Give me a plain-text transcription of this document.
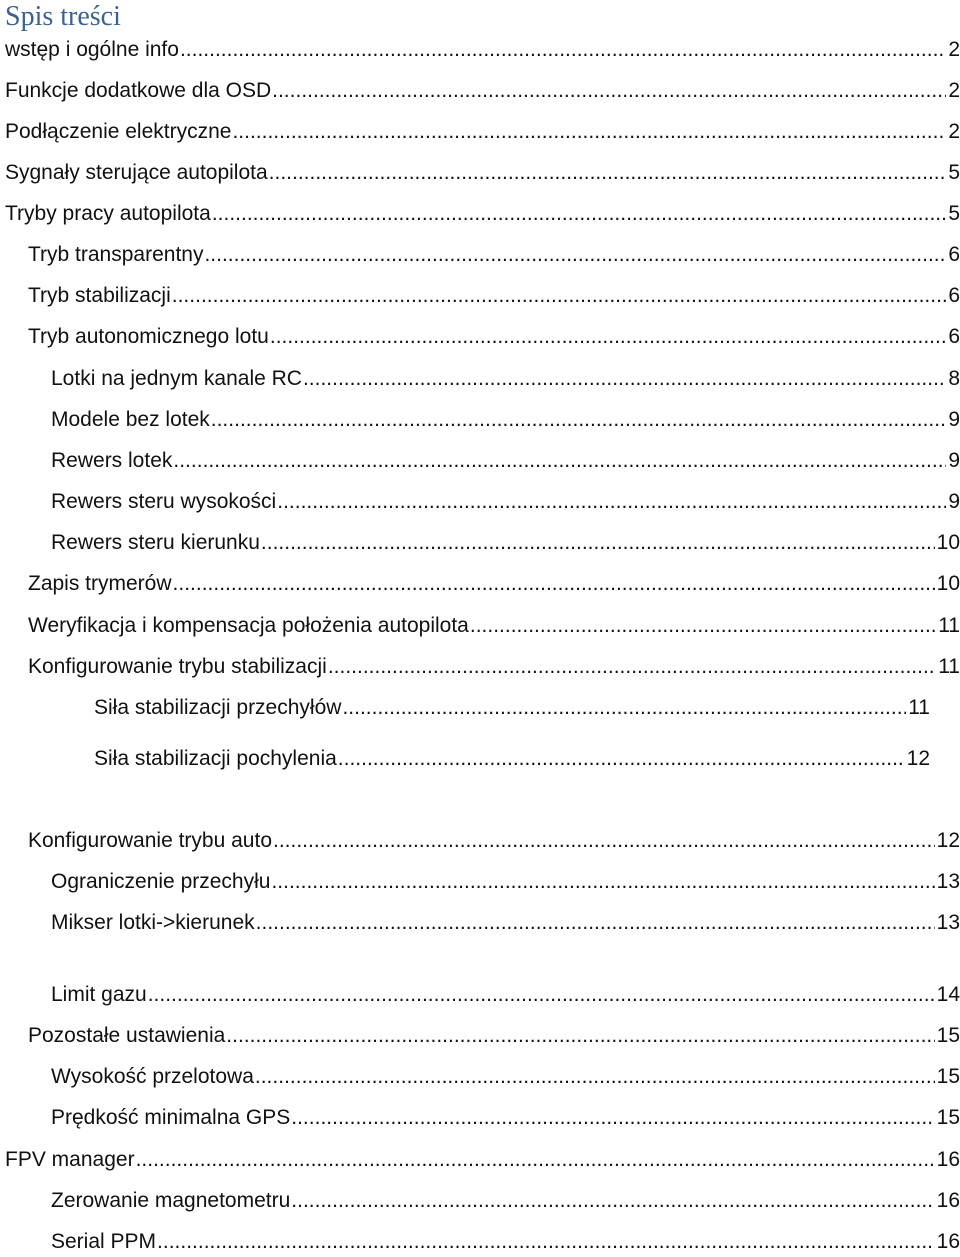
Spis treści
wstęp i ogólne info .....	2
Funkcje dodatkowe dla OSD .....	2
Podłączenie elektryczne .....	2
Sygnały sterujące autopilota .....	5
Tryby pracy autopilota .....	5
Tryb transparentny .....	6
Tryb stabilizacji .....	6
Tryb autonomicznego lotu .....	6
Lotki na jednym kanale RC .....	8
Modele bez lotek .....	9
Rewers lotek .....	9
Rewers steru wysokości .....	9
Rewers steru kierunku .....	10
Zapis trymerów .....	10
Weryfikacja i kompensacja położenia autopilota .....	11
Konfigurowanie trybu stabilizacji .....	11
Siła stabilizacji przechyłów .....	11
Siła stabilizacji pochylenia .....	12
Konfigurowanie trybu auto .....	12
Ograniczenie przechyłu .....	13
Mikser lotki->kierunek .....	13
Limit gazu .....	14
Pozostałe ustawienia .....	15
Wysokość przelotowa .....	15
Prędkość minimalna GPS .....	15
FPV manager .....	16
Zerowanie magnetometru .....	16
Serial PPM .....	16
